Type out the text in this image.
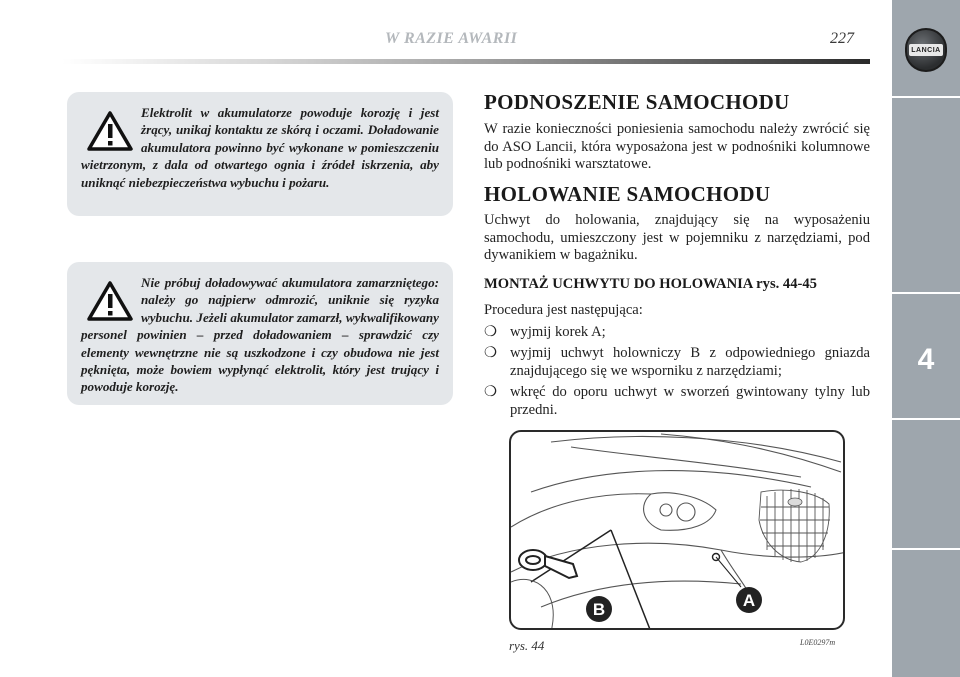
W RAZIE AWARII	227
LANCIA
4

Elektrolit w akumulatorze powoduje korozję i jest żrący, unikaj kontaktu ze skórą i oczami. Doładowanie akumulatora powinno być wykonane w pomieszczeniu wietrzonym, z dala od otwartego ognia i źródeł iskrzenia, aby uniknąć niebezpieczeństwa wybuchu i pożaru.

Nie próbuj doładowywać akumulatora zamarzniętego: należy go najpierw odmrozić, uniknie się ryzyka wybuchu. Jeżeli akumulator zamarzł, wykwalifikowany personel powinien – przed doładowaniem – sprawdzić czy elementy wewnętrzne nie są uszkodzone i czy obudowa nie jest pęknięta, może bowiem wypłynąć elektrolit, który jest trujący i powoduje korozję.

PODNOSZENIE SAMOCHODU

W razie konieczności poniesienia samochodu należy zwrócić się do ASO Lancii, która wyposażona jest w podnośniki kolumnowe lub podnośniki warsztatowe.

HOLOWANIE SAMOCHODU

Uchwyt do holowania, znajdujący się na wyposażeniu samochodu, umieszczony jest w pojemniku z narzędziami, pod dywanikiem w bagażniku.

MONTAŻ UCHWYTU DO HOLOWANIA rys. 44-45

Procedura jest następująca:

❍ wyjmij korek A;
❍ wyjmij uchwyt holowniczy B z odpowiedniego gniazda znajdującego się we wsporniku z narzędziami;
❍ wkręć do oporu uchwyt w sworzeń gwintowany tylny lub przedni.
B	A
rys. 44	L0E0297m
